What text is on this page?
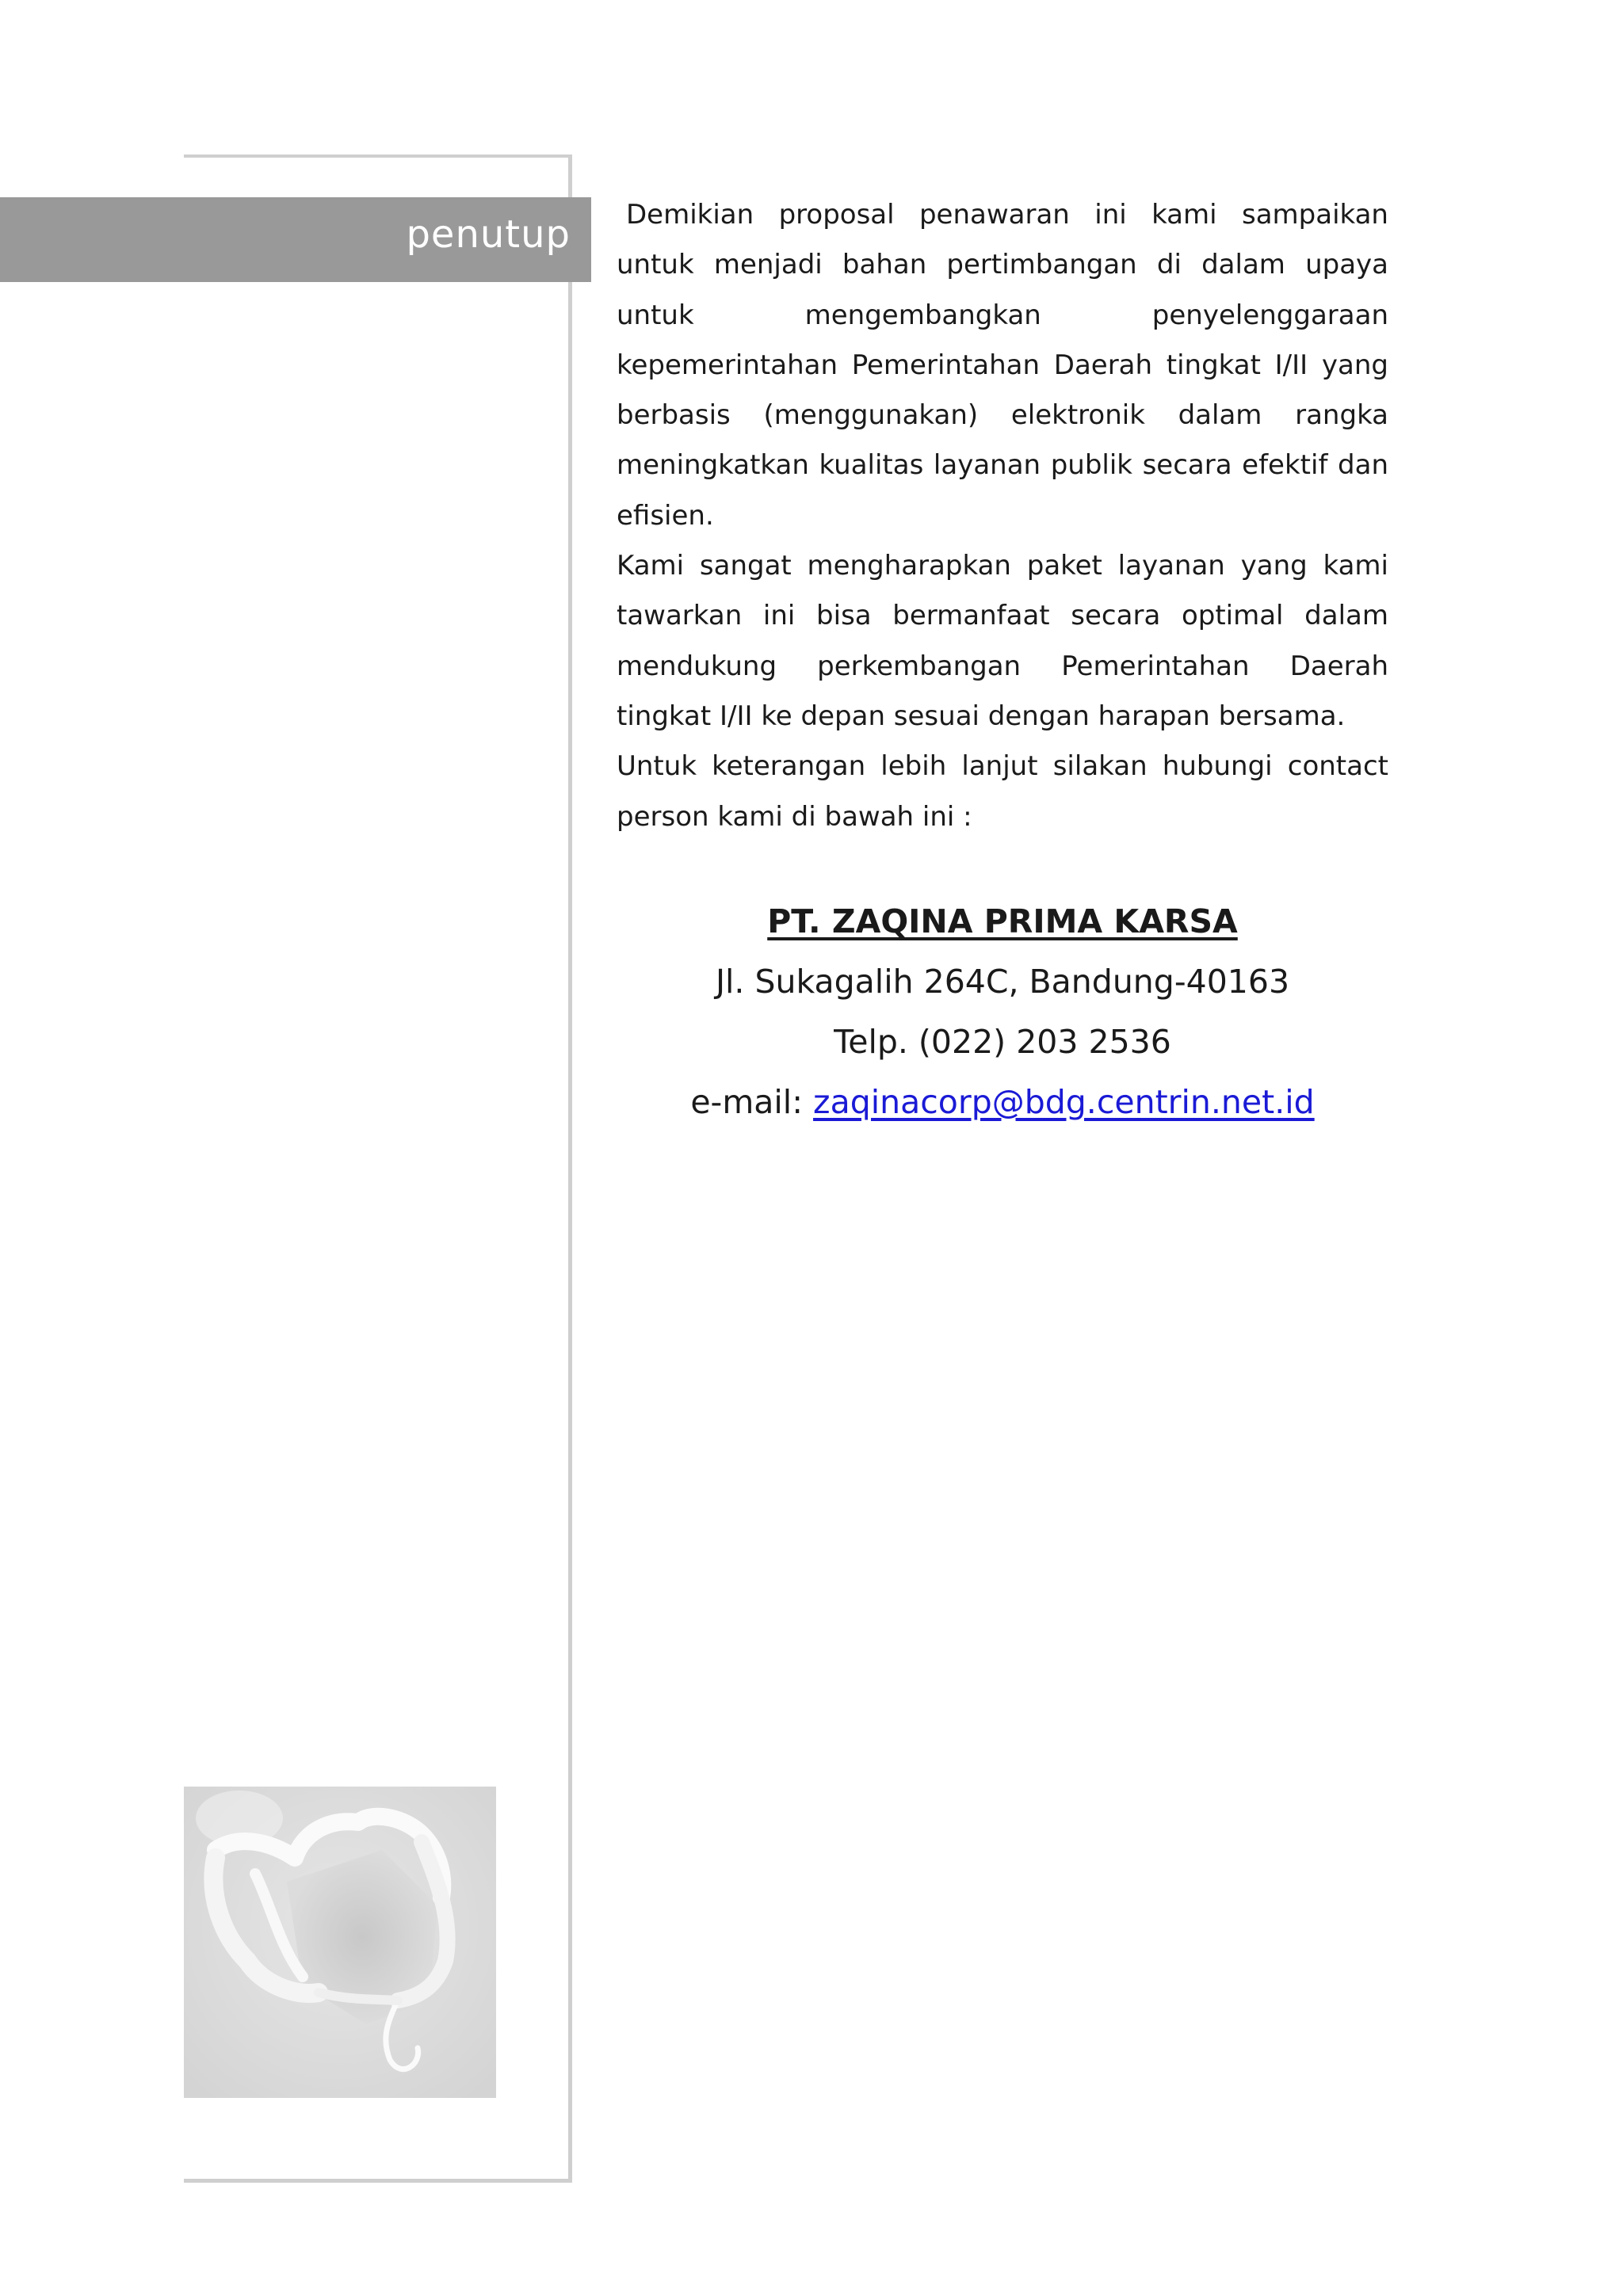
penutup	Demikian proposal penawaran ini kami sampaikan untuk menjadi bahan pertimbangan di dalam upaya untuk mengembangkan penyelenggaraan kepemerintahan Pemerintahan Daerah tingkat I/II yang berbasis (menggunakan) elektronik dalam rangka meningkatkan kualitas layanan publik secara efektif dan efisien.

Kami sangat mengharapkan paket layanan yang kami tawarkan ini bisa bermanfaat secara optimal dalam mendukung perkembangan Pemerintahan Daerah tingkat I/II ke depan sesuai dengan harapan bersama.

Untuk keterangan lebih lanjut silakan hubungi contact person kami di bawah ini :

PT. ZAQINA PRIMA KARSA
Jl. Sukagalih 264C, Bandung-40163
Telp. (022) 203 2536
e-mail: zaqinacorp@bdg.centrin.net.id
